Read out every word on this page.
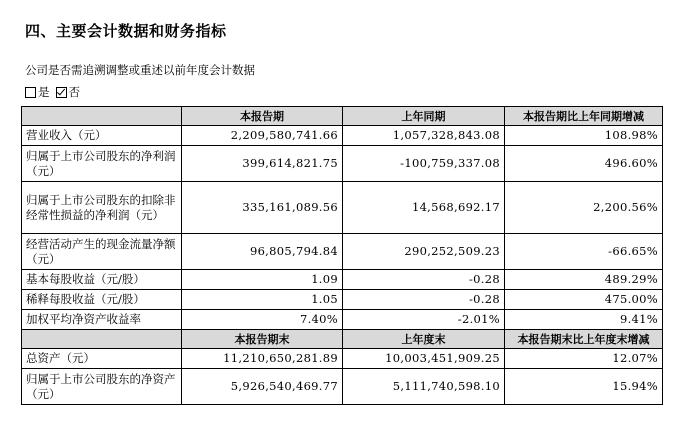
四、主要会计数据和财务指标
公司是否需追溯调整或重述以前年度会计数据
是 否
	本报告期	上年同期	本报告期比上年同期增减
营业收入（元）	2,209,580,741.66	1,057,328,843.08	108.98%
归属于上市公司股东的净利润（元）	399,614,821.75	-100,759,337.08	496.60%
归属于上市公司股东的扣除非经常性损益的净利润（元）	335,161,089.56	14,568,692.17	2,200.56%
经营活动产生的现金流量净额（元）	96,805,794.84	290,252,509.23	-66.65%
基本每股收益（元/股）	1.09	-0.28	489.29%
稀释每股收益（元/股）	1.05	-0.28	475.00%
加权平均净资产收益率	7.40%	-2.01%	9.41%
	本报告期末	上年度末	本报告期末比上年度末增减
总资产（元）	11,210,650,281.89	10,003,451,909.25	12.07%
归属于上市公司股东的净资产（元）	5,926,540,469.77	5,111,740,598.10	15.94%
